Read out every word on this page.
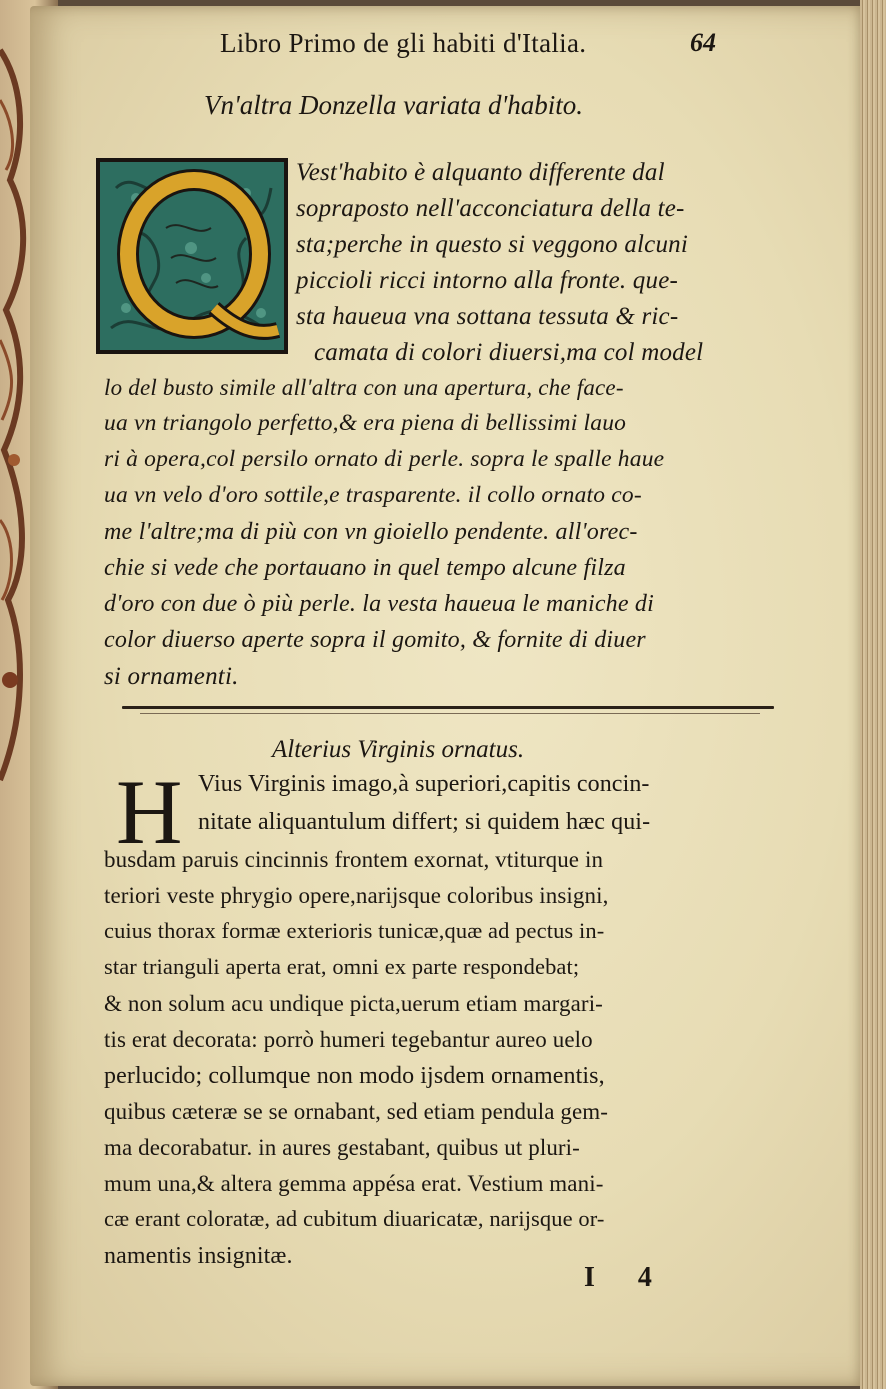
Libro Primo de gli habiti d'Italia.	64
Vn'altra Donzella variata d'habito.
Vest'habito è alquanto differente dal
soprapostо nell'acconciatura della te-
sta;perche in questo si veggono alcuni
piccioli ricci intorno alla fronte. que-
sta haueua vna sottana tessuta & ric-
camata di colori diuersi,ma col model
lo del busto simile all'altra con una apertura, che face-
ua vn triangolo perfetto,& era piena di bellissimi lauo
ri à opera,col persilo ornato di perle. sopra le spalle haue
ua vn velo d'oro sottile,e trasparente. il collo ornato co-
me l'altre;ma di più con vn gioiello pendente. all'orec-
chie si vede che portauano in quel tempo alcune filza
d'oro con due ò più perle. la vesta haueua le maniche di
color diuerso aperte sopra il gomito, & fornite di diuer
si ornamenti.
Alterius Virginis ornatus.
H Vius Virginis imago,à superiori,capitis concin-
nitate aliquantulum differt; si quidem hæc qui-
busdam paruis cincinnis frontem exornat, vtiturque in
teriori veste phrygio opere,narijsque coloribus insigni,
cuius thorax formæ exterioris tunicæ,quæ ad pectus in-
star trianguli aperta erat, omni ex parte respondebat;
& non solum acu undique picta,uerum etiam margari-
tis erat decorata: porrò humeri tegebantur aureo uelo
perlucido; collumque non modo ijsdem ornamentis,
quibus cæteræ se se ornabant, sed etiam pendula gem-
ma decorabatur. in aures gestabant, quibus ut pluri-
mum una,& altera gemma appésa erat. Vestium mani-
cæ erant coloratæ, ad cubitum diuaricatæ, narijsque or-
namentis insignitæ.
I 4
